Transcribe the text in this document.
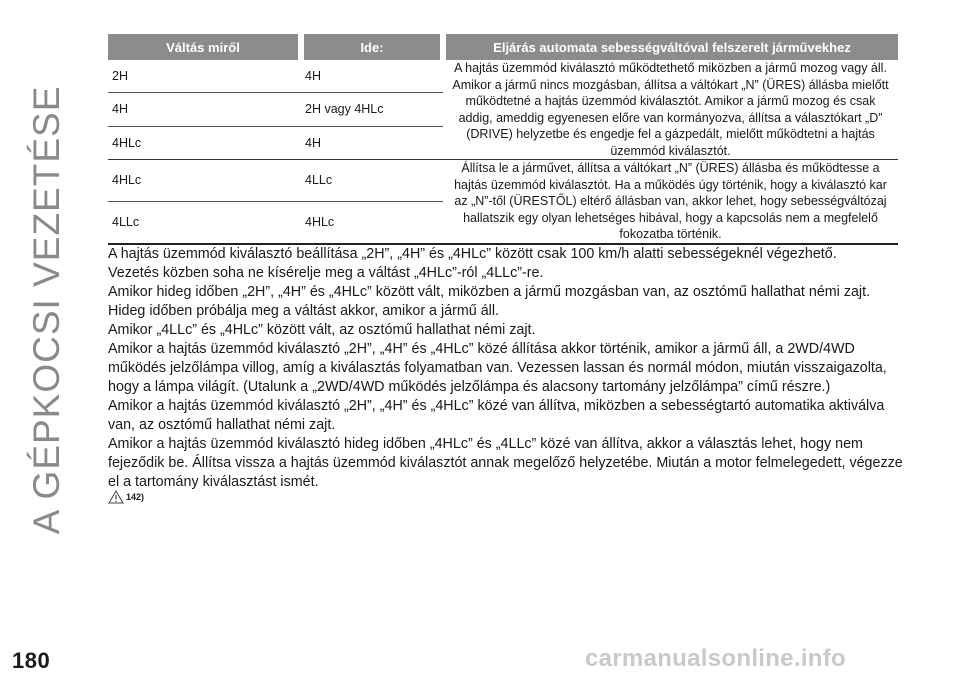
A GÉPKOCSI VEZETÉSE
Váltás miről	Ide:	Eljárás automata sebességváltóval felszerelt járművekhez
2H	4H	A hajtás üzemmód kiválasztó működtethető miközben a jármű mozog vagy áll. Amikor a jármű nincs mozgásban, állítsa a váltókart „N” (ÜRES) állásba mielőtt működtetné a hajtás üzemmód kiválasztót. Amikor a jármű mozog és csak addig, ameddig egyenesen előre van kormányozva, állítsa a választókart „D” (DRIVE) helyzetbe és engedje fel a gázpedált, mielőtt működtetni a hajtás üzemmód kiválasztót.
4H	2H vagy 4HLc	
4HLc	4H	
4HLc	4LLc	Állítsa le a járművet, állítsa a váltókart „N” (ÜRES) állásba és működtesse a hajtás üzemmód kiválasztót. Ha a működés úgy történik, hogy a kiválasztó kar az „N”-től (ÜRESTŐL) eltérő állásban van, akkor lehet, hogy sebességváltózaj hallatszik egy olyan lehetséges hibával, hogy a kapcsolás nem a megfelelő fokozatba történik.
4LLc	4HLc	

A hajtás üzemmód kiválasztó beállítása „2H”, „4H” és „4HLc” között csak 100 km/h alatti sebességeknél végezhető.

Vezetés közben soha ne kísérelje meg a váltást „4HLc”-ról „4LLc”-re.

Amikor hideg időben „2H”, „4H” és „4HLc” között vált, miközben a jármű mozgásban van, az osztómű hallathat némi zajt. Hideg időben próbálja meg a váltást akkor, amikor a jármű áll.

Amikor „4LLc” és „4HLc” között vált, az osztómű hallathat némi zajt.

Amikor a hajtás üzemmód kiválasztó „2H”, „4H” és „4HLc” közé állítása akkor történik, amikor a jármű áll, a 2WD/4WD működés jelzőlámpa villog, amíg a kiválasztás folyamatban van. Vezessen lassan és normál módon, miután visszaigazolta, hogy a lámpa világít. (Utalunk a „2WD/4WD működés jelzőlámpa és alacsony tartomány jelzőlámpa” című részre.)

Amikor a hajtás üzemmód kiválasztó „2H”, „4H” és „4HLc” közé van állítva, miközben a sebességtartó automatika aktiválva van, az osztómű hallathat némi zajt.

Amikor a hajtás üzemmód kiválasztó hideg időben „4HLc” és „4LLc” közé van állítva, akkor a választás lehet, hogy nem fejeződik be. Állítsa vissza a hajtás üzemmód kiválasztót annak megelőző helyzetébe. Miután a motor felmelegedett, végezze el a tartomány kiválasztást ismét.

142)
180	carmanualsonline.info
